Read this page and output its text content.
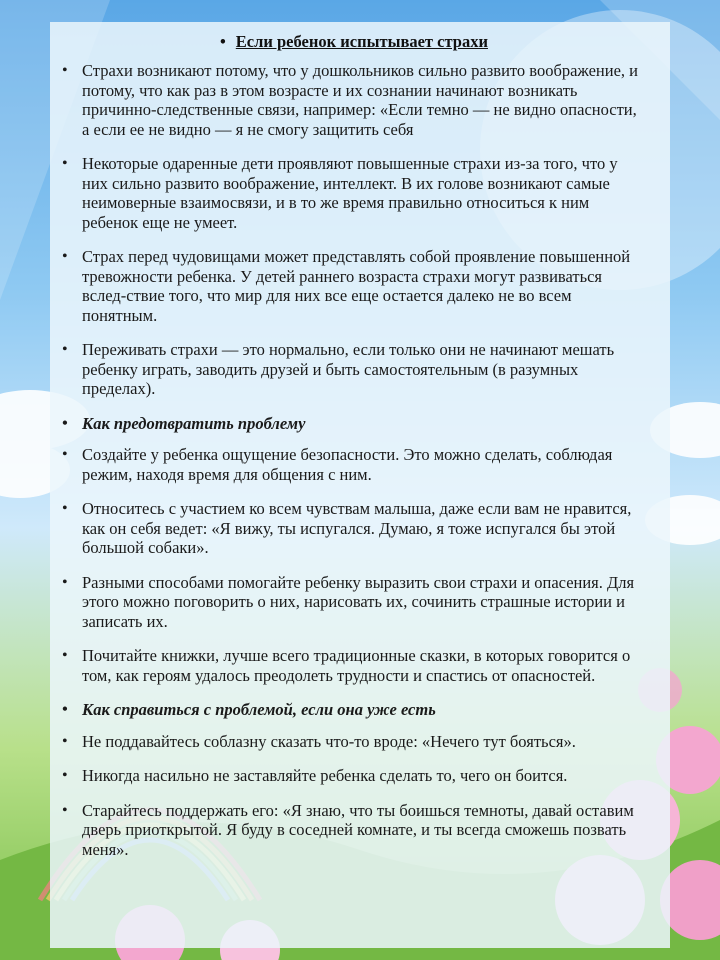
• Если ребенок испытывает страхи
• Страхи возникают потому, что у дошкольников сильно развито воображение, и потому, что как раз в этом возрасте и их сознании начинают возникать причинно-следственные связи, например: «Если темно — не видно опасности, а если ее не видно — я не смогу защитить себя
• Некоторые одаренные дети проявляют повышенные страхи из-за того, что у них сильно развито воображение, интеллект. В их голове возникают самые неимоверные взаимосвязи, и в то же время правильно относиться к ним ребенок еще не умеет.
• Страх перед чудовищами может представлять собой проявление повышенной тревожности ребенка. У детей раннего возраста страхи могут развиваться вслед-ствие того, что мир для них все еще остается далеко не во всем понятным.
• Переживать страхи — это нормально, если только они не начинают мешать ребенку играть, заводить друзей и быть самостоятельным (в разумных пределах).
• Как предотвратить проблему
• Создайте у ребенка ощущение безопасности. Это можно сделать, соблюдая режим, находя время для общения с ним.
• Относитесь с участием ко всем чувствам малыша, даже если вам не нравится, как он себя ведет: «Я вижу, ты испугался. Думаю, я тоже испугался бы этой большой собаки».
• Разными способами помогайте ребенку выразить свои страхи и опасения. Для этого можно поговорить о них, нарисовать их, сочинить страшные истории и записать их.
• Почитайте книжки, лучше всего традиционные сказки, в которых говорится о том, как героям удалось преодолеть трудности и спастись от опасностей.
• Как справиться с проблемой, если она уже есть
• Не поддавайтесь соблазну сказать что-то вроде: «Нечего тут бояться».
• Никогда насильно не заставляйте ребенка сделать то, чего он боится.
• Старайтесь поддержать его: «Я знаю, что ты боишься темноты, давай оставим дверь приоткрытой. Я буду в соседней комнате, и ты всегда сможешь позвать меня».
